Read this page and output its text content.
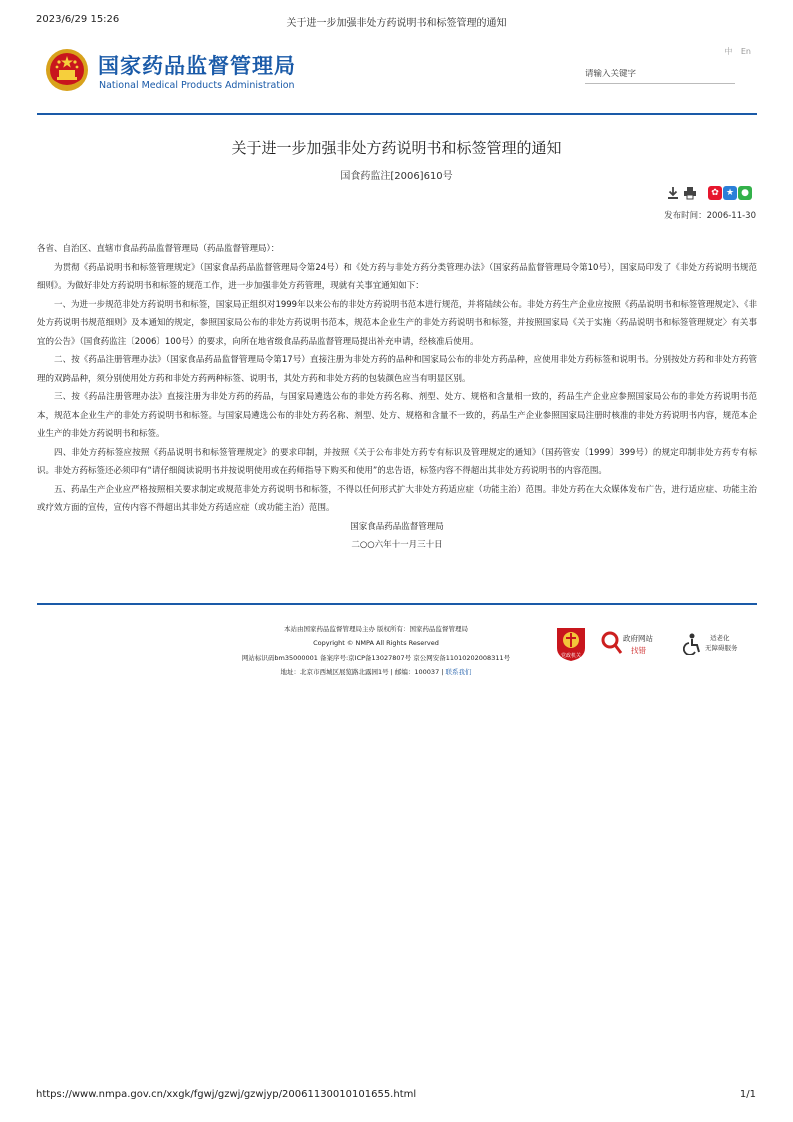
2023/6/29 15:26	关于进一步加强非处方药说明书和标签管理的通知
国家药品监督管理局
National Medical Products Administration
中 En
请输入关键字
关于进一步加强非处方药说明书和标签管理的通知
国食药监注[2006]610号
✿ ★ ●
发布时间：2006-11-30

各省、自治区、直辖市食品药品监督管理局（药品监督管理局）：

为贯彻《药品说明书和标签管理规定》（国家食品药品监督管理局令第24号）和《处方药与非处方药分类管理办法》（国家药品监督管理局令第10号），国家局印发了《非处方药说明书规范细则》。为做好非处方药说明书和标签的规范工作，进一步加强非处方药管理，现就有关事宜通知如下：

一、为进一步规范非处方药说明书和标签，国家局正组织对1999年以来公布的非处方药说明书范本进行规范，并将陆续公布。非处方药生产企业应按照《药品说明书和标签管理规定》、《非处方药说明书规范细则》及本通知的规定，参照国家局公布的非处方药说明书范本，规范本企业生产的非处方药说明书和标签，并按照国家局《关于实施〈药品说明书和标签管理规定〉有关事宜的公告》（国食药监注〔2006〕100号）的要求，向所在地省级食品药品监督管理局提出补充申请，经核准后使用。

二、按《药品注册管理办法》（国家食品药品监督管理局令第17号）直接注册为非处方药的品种和国家局公布的非处方药品种，应使用非处方药标签和说明书。分别按处方药和非处方药管理的双跨品种，须分别使用处方药和非处方药两种标签、说明书，其处方药和非处方药的包装颜色应当有明显区别。

三、按《药品注册管理办法》直接注册为非处方药的药品，与国家局遴选公布的非处方药名称、剂型、处方、规格和含量相一致的，药品生产企业应参照国家局公布的非处方药说明书范本，规范本企业生产的非处方药说明书和标签。与国家局遴选公布的非处方药名称、剂型、处方、规格和含量不一致的，药品生产企业参照国家局注册时核准的非处方药说明书内容，规范本企业生产的非处方药说明书和标签。

四、非处方药标签应按照《药品说明书和标签管理规定》的要求印制，并按照《关于公布非处方药专有标识及管理规定的通知》（国药管安〔1999〕399号）的规定印制非处方药专有标识。非处方药标签还必须印有“请仔细阅读说明书并按说明使用或在药师指导下购买和使用”的忠告语，标签内容不得超出其非处方药说明书的内容范围。

五、药品生产企业应严格按照相关要求制定或规范非处方药说明书和标签，不得以任何形式扩大非处方药适应症（功能主治）范围。非处方药在大众媒体发布广告，进行适应症、功能主治或疗效方面的宣传，宣传内容不得超出其非处方药适应症（或功能主治）范围。

国家食品药品监督管理局

二○○六年十一月三十日

本站由国家药品监督管理局主办 版权所有：国家药品监督管理局
Copyright © NMPA All Rights Reserved
网站标识码bm35000001 备案序号:京ICP备13027807号 京公网安备11010202008311号
地址：北京市西城区展览路北露园1号 | 邮编：100037 | 联系我们
党政机关
政府网站
找错
适老化
无障碍服务
https://www.nmpa.gov.cn/xxgk/fgwj/gzwj/gzwjyp/20061130010101655.html	1/1
